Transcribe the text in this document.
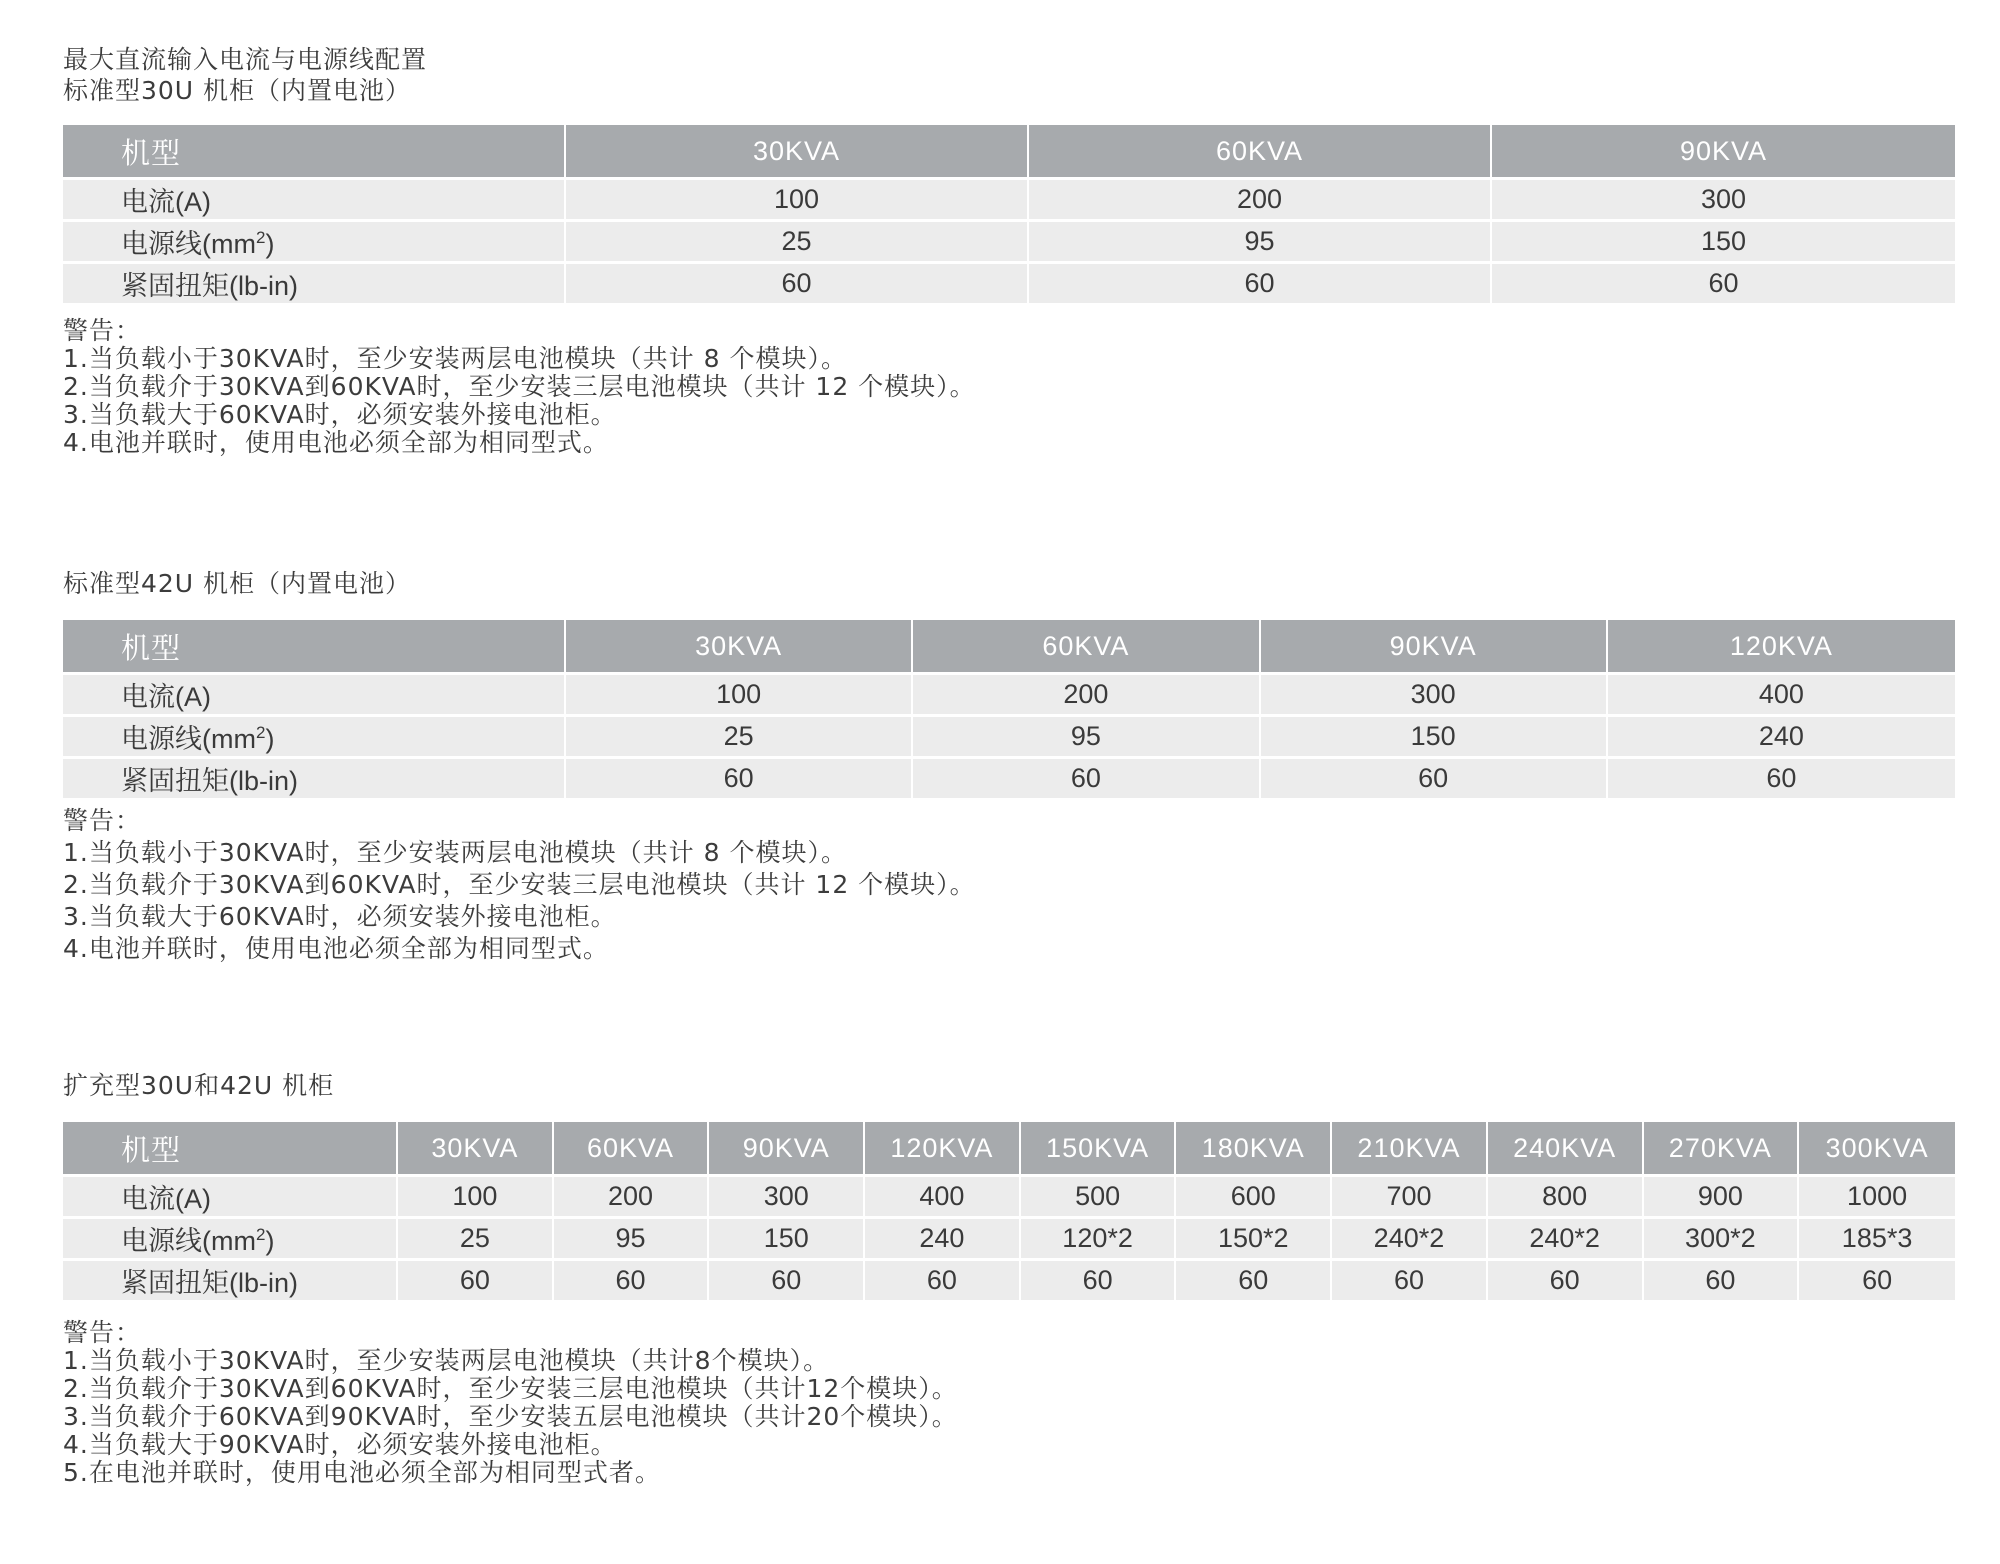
最大直流输入电流与电源线配置
标准型30U 机柜（内置电池）
机型	30KVA	60KVA	90KVA
电流(A)	100	200	300
电源线$(mm^2)$	25	95	150
紧固扭矩(lb-in)	60	60	60
警告：
1.当负载小于30KVA时，至少安装两层电池模块（共计 8 个模块）。
2.当负载介于30KVA到60KVA时，至少安装三层电池模块（共计 12 个模块）。
3.当负载大于60KVA时，必须安装外接电池柜。
4.电池并联时，使用电池必须全部为相同型式。
标准型42U 机柜（内置电池）
机型	30KVA	60KVA	90KVA	120KVA
电流(A)	100	200	300	400
电源线$(mm^2)$	25	95	150	240
紧固扭矩(lb-in)	60	60	60	60
警告：
1.当负载小于30KVA时，至少安装两层电池模块（共计 8 个模块）。
2.当负载介于30KVA到60KVA时，至少安装三层电池模块（共计 12 个模块）。
3.当负载大于60KVA时，必须安装外接电池柜。
4.电池并联时，使用电池必须全部为相同型式。
扩充型30U和42U 机柜
机型	30KVA	60KVA	90KVA	120KVA	150KVA	180KVA	210KVA	240KVA	270KVA	300KVA
电流(A)	100	200	300	400	500	600	700	800	900	1000
电源线$(mm^2)$	25	95	150	240	120*2	150*2	240*2	240*2	300*2	185*3
紧固扭矩(lb-in)	60	60	60	60	60	60	60	60	60	60
警告：
1.当负载小于30KVA时，至少安装两层电池模块（共计8个模块）。
2.当负载介于30KVA到60KVA时，至少安装三层电池模块（共计12个模块）。
3.当负载介于60KVA到90KVA时，至少安装五层电池模块（共计20个模块）。
4.当负载大于90KVA时，必须安装外接电池柜。
5.在电池并联时，使用电池必须全部为相同型式者。
